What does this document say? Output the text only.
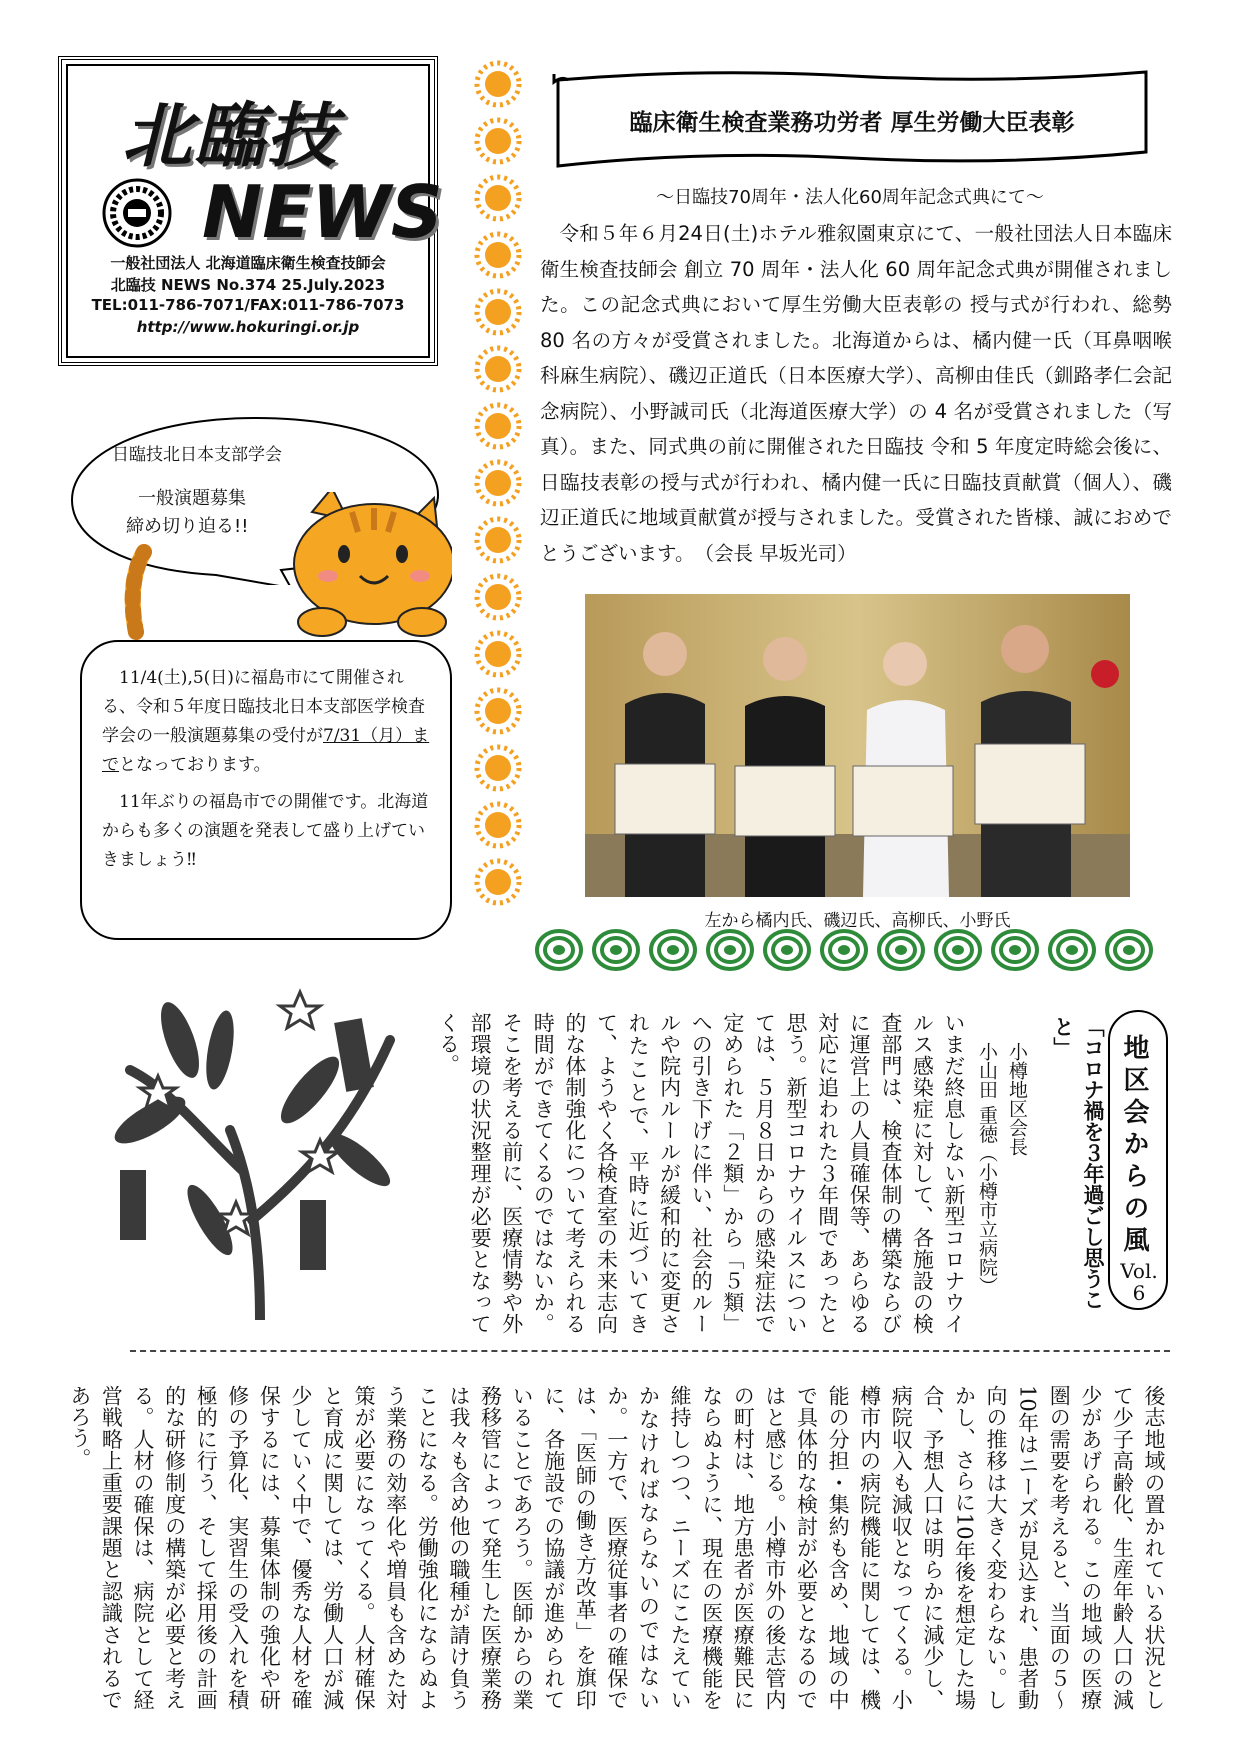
北臨技
NEWS
一般社団法人 北海道臨床衛生検査技師会
北臨技 NEWS No.374 25.July.2023
TEL:011-786-7071/FAX:011-786-7073
http://www.hokuringi.or.jp
日臨技北日本支部学会
一般演題募集
締め切り迫る!!

11/4(土),5(日)に福島市にて開催される、令和５年度日臨技北日本支部医学検査学会の一般演題募集の受付が7/31（月）までとなっております。

11年ぶりの福島市での開催です。北海道からも多くの演題を発表して盛り上げていきましょう‼

臨床衛生検査業務功労者 厚生労働大臣表彰
～日臨技70周年・法人化60周年記念式典にて～

令和５年６月24日(土)ホテル雅叙園東京にて、一般社団法人日本臨床衛生検査技師会 創立 70 周年・法人化 60 周年記念式典が開催されました。この記念式典において厚生労働大臣表彰の 授与式が行われ、総勢 80 名の方々が受賞されました。北海道からは、橘内健一氏（耳鼻咽喉科麻生病院）、磯辺正道氏（日本医療大学）、高柳由佳氏（釧路孝仁会記念病院）、小野誠司氏（北海道医療大学）の 4 名が受賞されました（写真）。また、同式典の前に開催された日臨技 令和 5 年度定時総会後に、日臨技表彰の授与式が行われ、橘内健一氏に日臨技貢献賞（個人）、磯辺正道氏に地域貢献賞が授与されました。受賞された皆様、誠におめでとうございます。　（会長 早坂光司）

左から橘内氏、磯辺氏、高柳氏、小野氏
地区会からの風
Vol.
6
「コロナ禍を３年過ごし思うこと」
小樽地区会長
小山田 重徳（小樽市立病院）
いまだ終息しない新型コロナウイルス感染症に対して、各施設の検査部門は、検査体制の構築ならびに運営上の人員確保等、あらゆる対応に追われた３年間であったと思う。新型コロナウイルスについては、５月８日からの感染症法で定められた「２類」から「５類」への引き下げに伴い、社会的ルールや院内ルールが緩和的に変更されたことで、平時に近づいてきて、ようやく各検査室の未来志向的な体制強化について考えられる時間ができてくるのではないか。そこを考える前に、医療情勢や外部環境の状況整理が必要となってくる。
後志地域の置かれている状況として少子高齢化、生産年齢人口の減少があげられる。この地域の医療圏の需要を考えると、当面の５～10年はニーズが見込まれ、患者動向の推移は大きく変わらない。しかし、さらに10年後を想定した場合、予想人口は明らかに減少し、病院収入も減収となってくる。小樽市内の病院機能に関しては、機能の分担・集約も含め、地域の中で具体的な検討が必要となるのではと感じる。小樽市外の後志管内の町村は、地方患者が医療難民にならぬように、現在の医療機能を維持しつつ、ニーズにこたえていかなければならないのではないか。一方で、医療従事者の確保では、「医師の働き方改革」を旗印に、各施設での協議が進められていることであろう。医師からの業務移管によって発生した医療業務は我々も含め他の職種が請け負うことになる。労働強化にならぬよう業務の効率化や増員も含めた対策が必要になってくる。人材確保と育成に関しては、労働人口が減少していく中で、優秀な人材を確保するには、募集体制の強化や研修の予算化、実習生の受入れを積極的に行う、そして採用後の計画的な研修制度の構築が必要と考える。人材の確保は、病院として経営戦略上重要課題と認識されるであろう。
